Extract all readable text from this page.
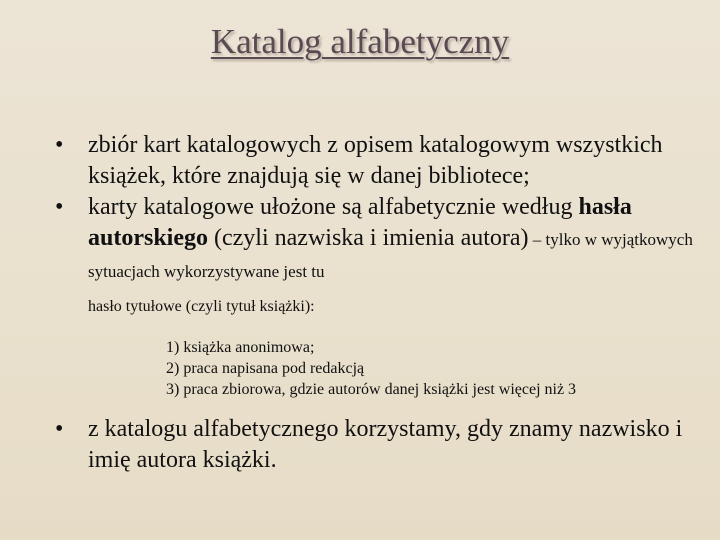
Katalog alfabetyczny
• zbiór kart katalogowych z opisem katalogowym wszystkich książek, które znajdują się w danej bibliotece;
• karty katalogowe ułożone są alfabetycznie według hasła autorskiego (czyli nazwiska i imienia autora) – tylko w wyjątkowych sytuacjach wykorzystywane jest tu
hasło tytułowe (czyli tytuł książki):
1) książka anonimowa;
2) praca napisana pod redakcją
3) praca zbiorowa, gdzie autorów danej książki jest więcej niż 3
• z katalogu alfabetycznego korzystamy, gdy znamy nazwisko i imię autora książki.
